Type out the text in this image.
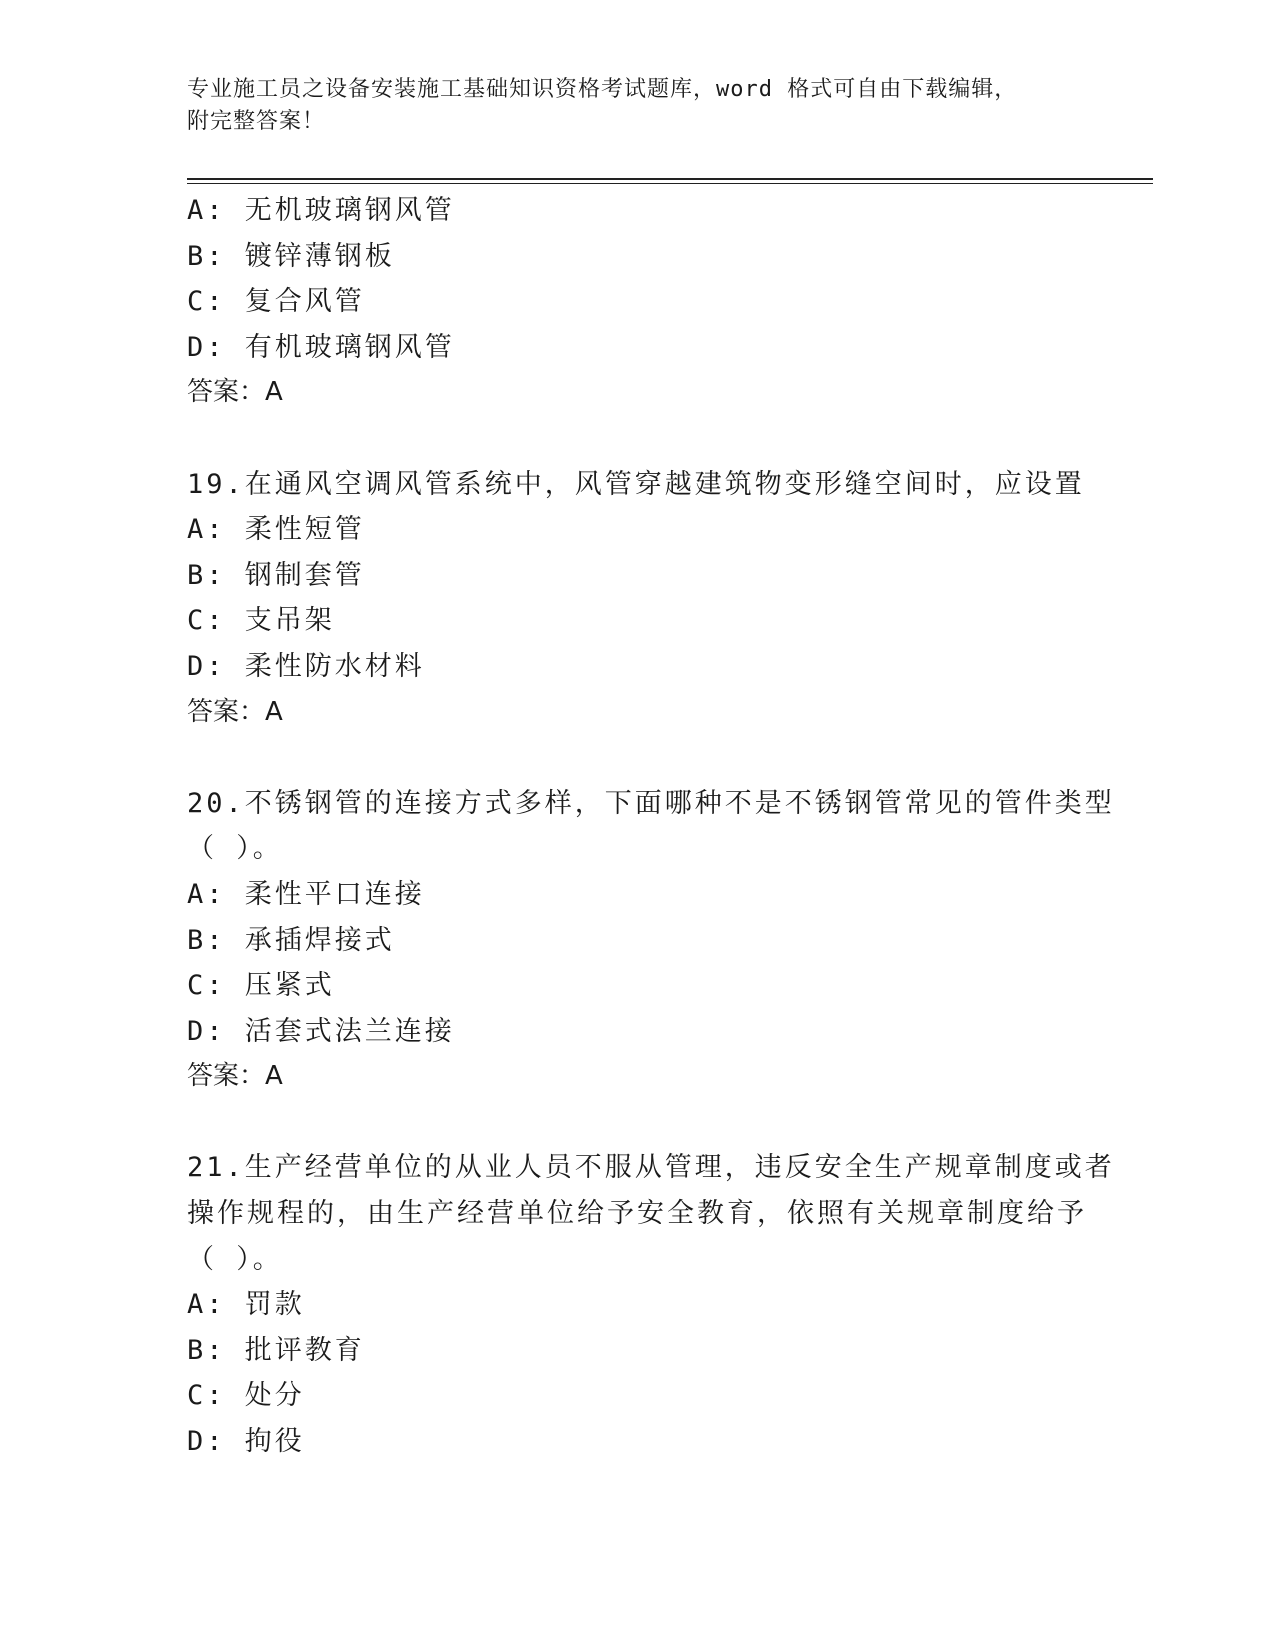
专业施工员之设备安装施工基础知识资格考试题库，word 格式可自由下载编辑，
附完整答案！
A: 无机玻璃钢风管
B: 镀锌薄钢板
C: 复合风管
D: 有机玻璃钢风管
答案：A
19.在通风空调风管系统中，风管穿越建筑物变形缝空间时，应设置
A: 柔性短管
B: 钢制套管
C: 支吊架
D: 柔性防水材料
答案：A
20.不锈钢管的连接方式多样，下面哪种不是不锈钢管常见的管件类型
（ ）。
A: 柔性平口连接
B: 承插焊接式
C: 压紧式
D: 活套式法兰连接
答案：A
21.生产经营单位的从业人员不服从管理，违反安全生产规章制度或者
操作规程的，由生产经营单位给予安全教育，依照有关规章制度给予
（ ）。
A: 罚款
B: 批评教育
C: 处分
D: 拘役
